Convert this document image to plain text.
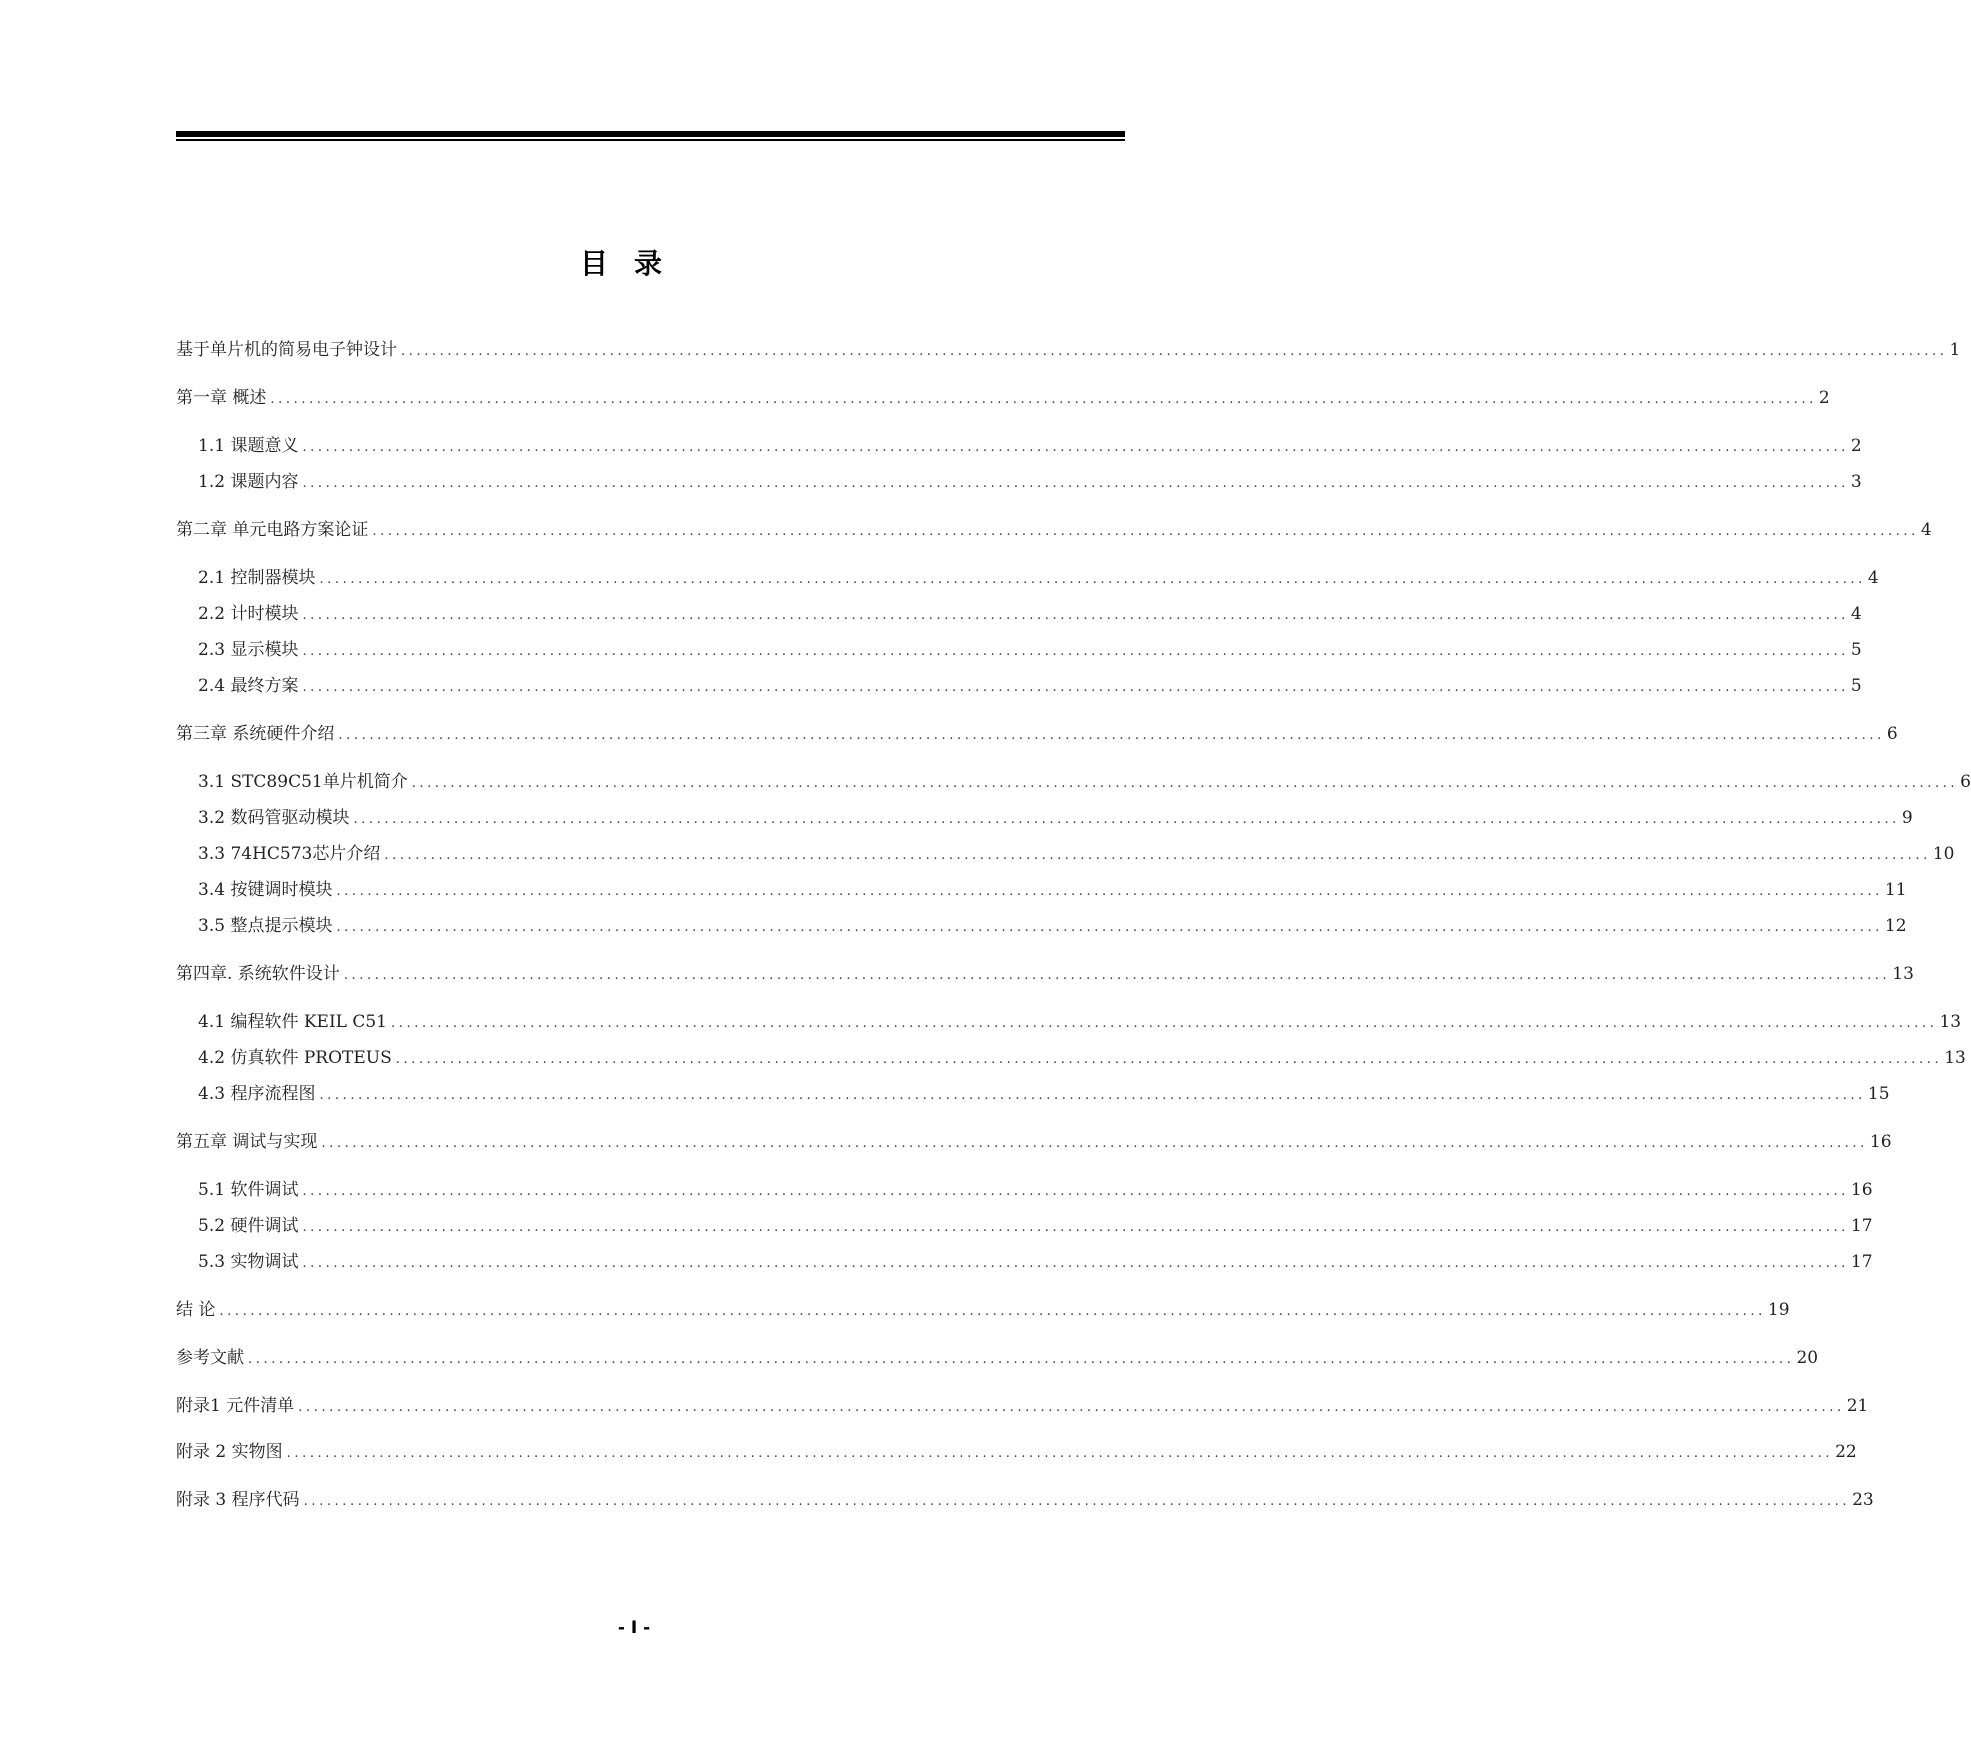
目录
基于单片机的简易电子钟设计 ........................................................................................................................................................................................................ 1
第一章 概述 ........................................................................................................................................................................................................ 2
1.1 课题意义 ........................................................................................................................................................................................................ 2
1.2 课题内容 ........................................................................................................................................................................................................ 3
第二章 单元电路方案论证 ........................................................................................................................................................................................................ 4
2.1 控制器模块 ........................................................................................................................................................................................................ 4
2.2 计时模块 ........................................................................................................................................................................................................ 4
2.3 显示模块 ........................................................................................................................................................................................................ 5
2.4 最终方案 ........................................................................................................................................................................................................ 5
第三章 系统硬件介绍 ........................................................................................................................................................................................................ 6
3.1 STC89C51单片机简介 ........................................................................................................................................................................................................ 6
3.2 数码管驱动模块 ........................................................................................................................................................................................................ 9
3.3 74HC573芯片介绍 ........................................................................................................................................................................................................ 10
3.4 按键调时模块 ........................................................................................................................................................................................................ 11
3.5 整点提示模块 ........................................................................................................................................................................................................ 12
第四章. 系统软件设计 ........................................................................................................................................................................................................ 13
4.1 编程软件 KEIL C51 ........................................................................................................................................................................................................ 13
4.2 仿真软件 PROTEUS ........................................................................................................................................................................................................ 13
4.3 程序流程图 ........................................................................................................................................................................................................ 15
第五章 调试与实现 ........................................................................................................................................................................................................ 16
5.1 软件调试 ........................................................................................................................................................................................................ 16
5.2 硬件调试 ........................................................................................................................................................................................................ 17
5.3 实物调试 ........................................................................................................................................................................................................ 17
结 论 ........................................................................................................................................................................................................ 19
参考文献 ........................................................................................................................................................................................................ 20
附录1 元件清单 ........................................................................................................................................................................................................ 21
附录 2 实物图 ........................................................................................................................................................................................................ 22
附录 3 程序代码 ........................................................................................................................................................................................................ 23
- I -
